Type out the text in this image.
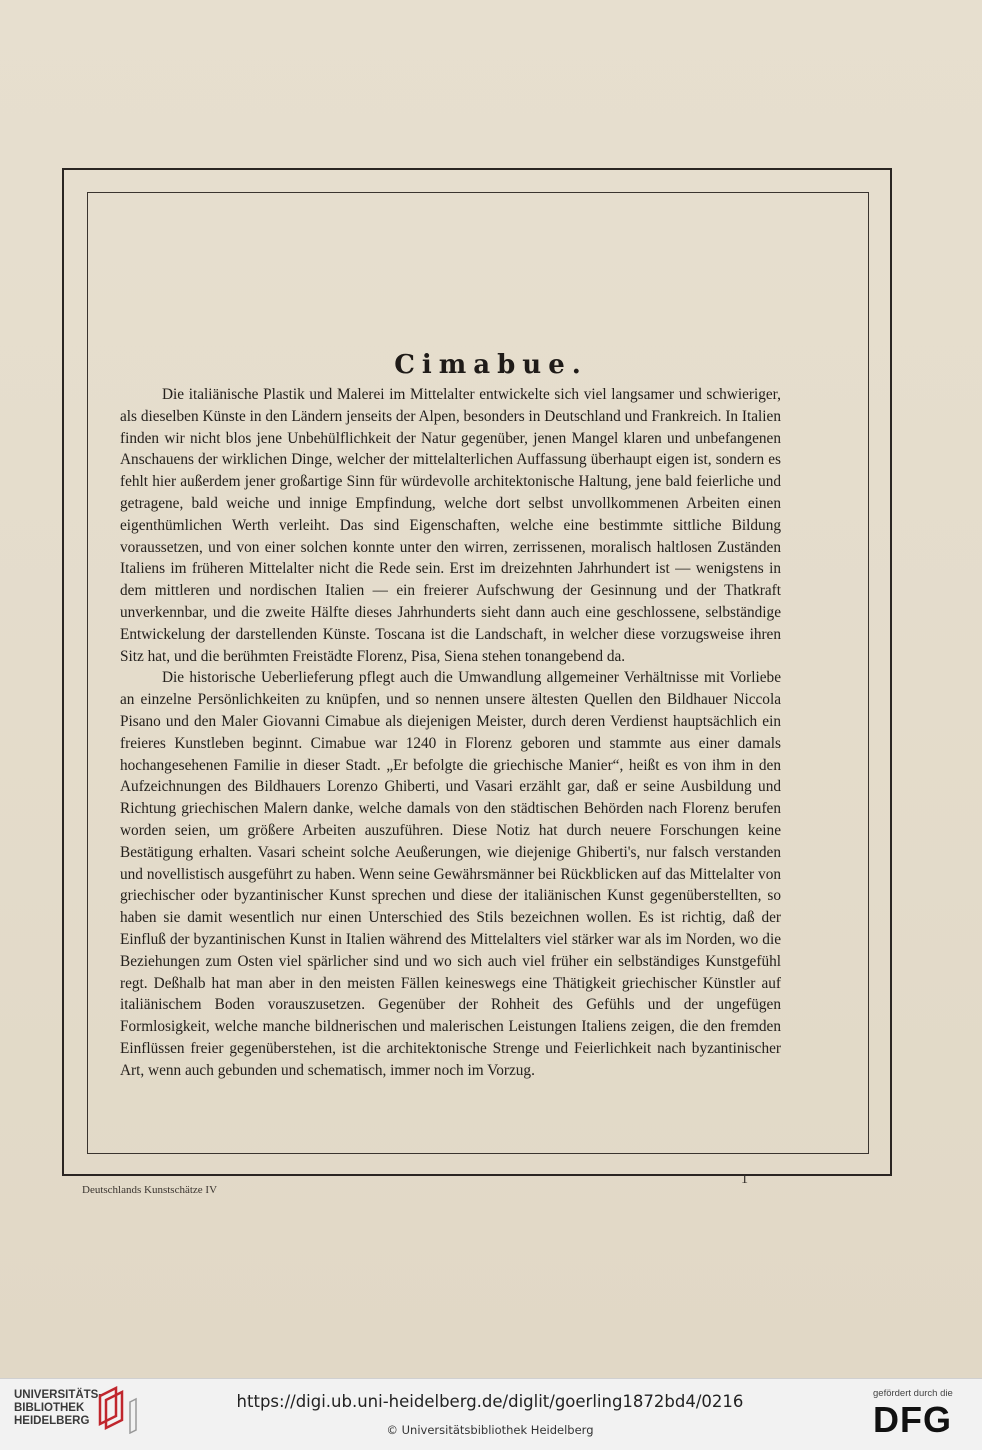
Cimabue.

Die italiänische Plastik und Malerei im Mittelalter entwickelte sich viel langsamer und schwieriger, als dieselben Künste in den Ländern jenseits der Alpen, besonders in Deutschland und Frankreich. In Italien finden wir nicht blos jene Unbehülflichkeit der Natur gegenüber, jenen Mangel klaren und unbefangenen Anschauens der wirklichen Dinge, welcher der mittelalterlichen Auffassung überhaupt eigen ist, sondern es fehlt hier außerdem jener großartige Sinn für würdevolle architektonische Haltung, jene bald feierliche und getragene, bald weiche und innige Empfindung, welche dort selbst unvollkommenen Arbeiten einen eigenthümlichen Werth verleiht. Das sind Eigenschaften, welche eine bestimmte sittliche Bildung voraussetzen, und von einer solchen konnte unter den wirren, zerrissenen, moralisch haltlosen Zuständen Italiens im früheren Mittelalter nicht die Rede sein. Erst im dreizehnten Jahrhundert ist — wenigstens in dem mittleren und nordischen Italien — ein freierer Aufschwung der Gesinnung und der Thatkraft unverkennbar, und die zweite Hälfte dieses Jahrhunderts sieht dann auch eine geschlossene, selbständige Entwickelung der darstellenden Künste. Toscana ist die Landschaft, in welcher diese vorzugsweise ihren Sitz hat, und die berühmten Freistädte Florenz, Pisa, Siena stehen tonangebend da.

Die historische Ueberlieferung pflegt auch die Umwandlung allgemeiner Verhältnisse mit Vorliebe an einzelne Persönlichkeiten zu knüpfen, und so nennen unsere ältesten Quellen den Bildhauer Niccola Pisano und den Maler Giovanni Cimabue als diejenigen Meister, durch deren Verdienst hauptsächlich ein freieres Kunstleben beginnt. Cimabue war 1240 in Florenz geboren und stammte aus einer damals hochangesehenen Familie in dieser Stadt. „Er befolgte die griechische Manier“, heißt es von ihm in den Aufzeichnungen des Bildhauers Lorenzo Ghiberti, und Vasari erzählt gar, daß er seine Ausbildung und Richtung griechischen Malern danke, welche damals von den städtischen Behörden nach Florenz berufen worden seien, um größere Arbeiten auszuführen. Diese Notiz hat durch neuere Forschungen keine Bestätigung erhalten. Vasari scheint solche Aeußerungen, wie diejenige Ghiberti's, nur falsch verstanden und novellistisch ausgeführt zu haben. Wenn seine Gewährsmänner bei Rückblicken auf das Mittelalter von griechischer oder byzantinischer Kunst sprechen und diese der italiänischen Kunst gegenüberstellten, so haben sie damit wesentlich nur einen Unterschied des Stils bezeichnen wollen. Es ist richtig, daß der Einfluß der byzantinischen Kunst in Italien während des Mittelalters viel stärker war als im Norden, wo die Beziehungen zum Osten viel spärlicher sind und wo sich auch viel früher ein selbständiges Kunstgefühl regt. Deßhalb hat man aber in den meisten Fällen keineswegs eine Thätigkeit griechischer Künstler auf italiänischem Boden vorauszusetzen. Gegenüber der Rohheit des Gefühls und der ungefügen Formlosigkeit, welche manche bildnerischen und malerischen Leistungen Italiens zeigen, die den fremden Einflüssen freier gegenüberstehen, ist die architektonische Strenge und Feierlichkeit nach byzantinischer Art, wenn auch gebunden und schematisch, immer noch im Vorzug.

Deutschlands Kunstschätze IV
1
UNIVERSITÄTS-
BIBLIOTHEK
HEIDELBERG
https://digi.ub.uni-heidelberg.de/diglit/goerling1872bd4/0216
© Universitätsbibliothek Heidelberg
gefördert durch die
DFG
